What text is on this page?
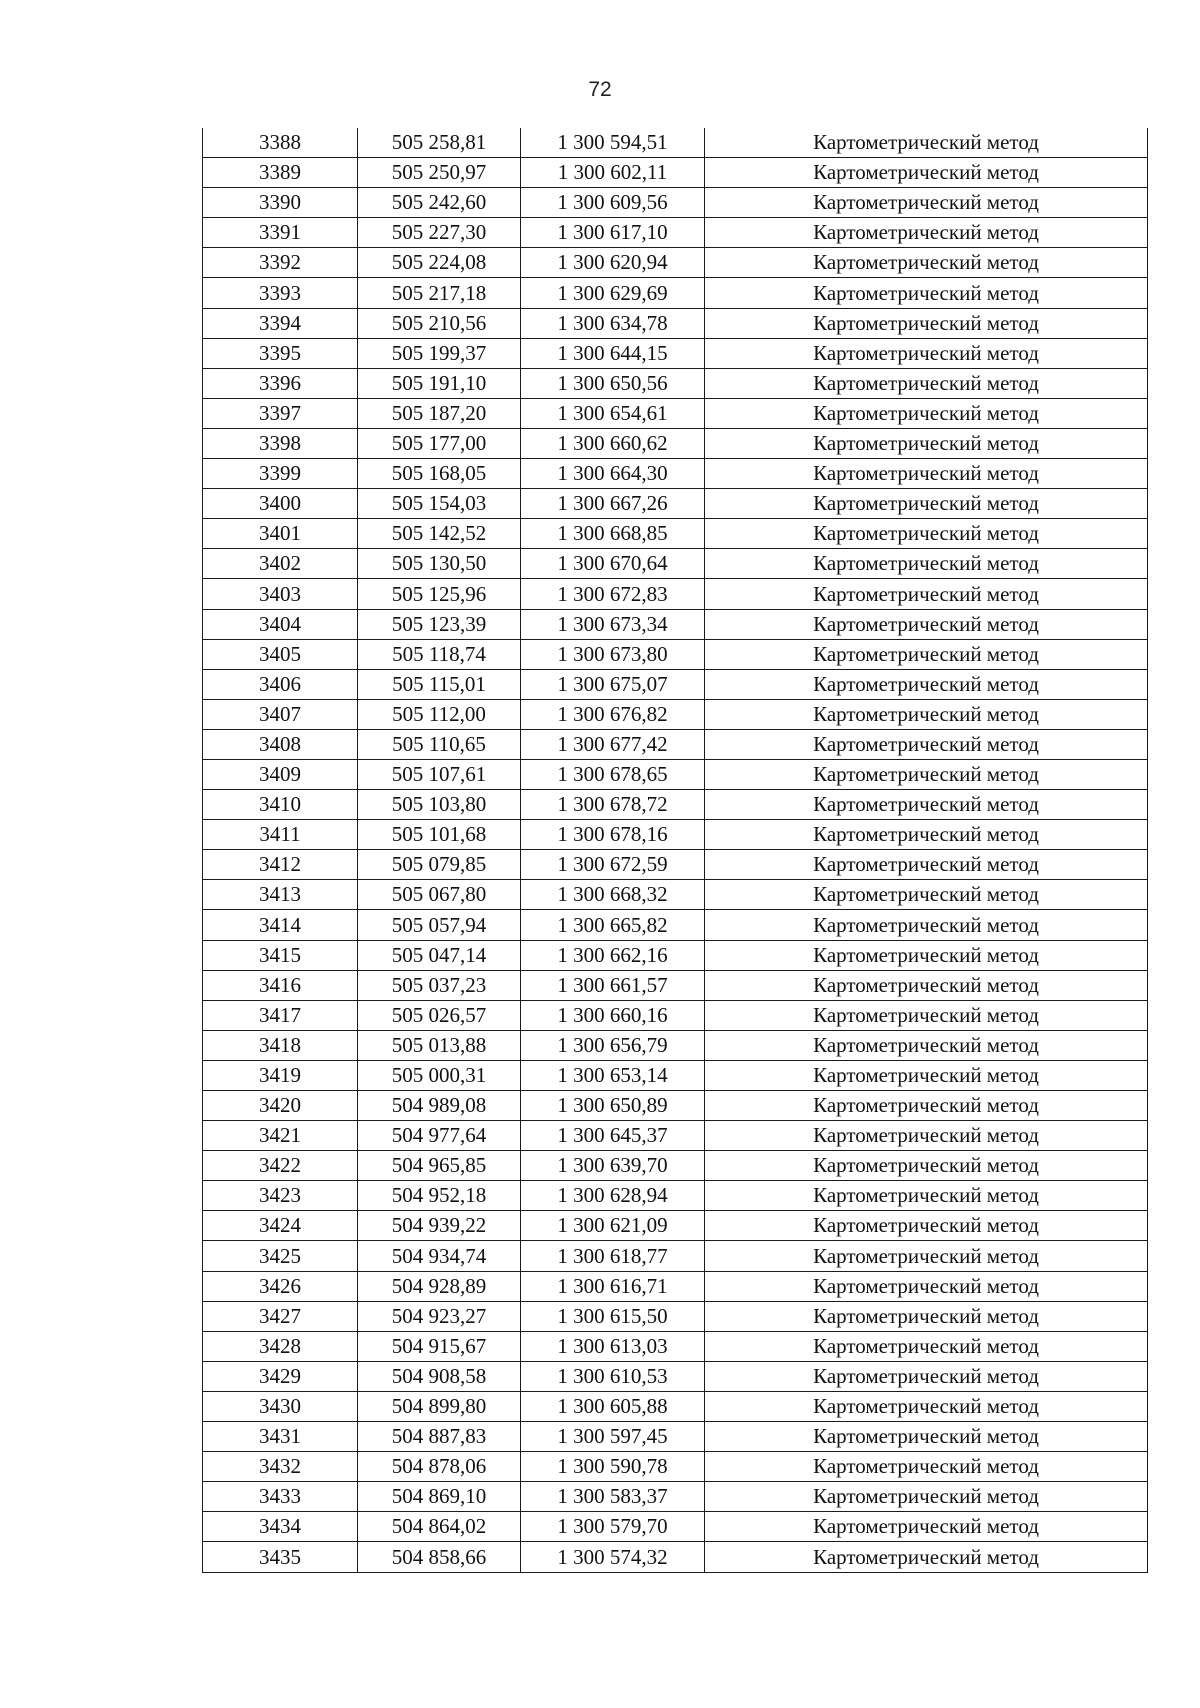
72
3388	505 258,81	1 300 594,51	Картометрический метод
3389	505 250,97	1 300 602,11	Картометрический метод
3390	505 242,60	1 300 609,56	Картометрический метод
3391	505 227,30	1 300 617,10	Картометрический метод
3392	505 224,08	1 300 620,94	Картометрический метод
3393	505 217,18	1 300 629,69	Картометрический метод
3394	505 210,56	1 300 634,78	Картометрический метод
3395	505 199,37	1 300 644,15	Картометрический метод
3396	505 191,10	1 300 650,56	Картометрический метод
3397	505 187,20	1 300 654,61	Картометрический метод
3398	505 177,00	1 300 660,62	Картометрический метод
3399	505 168,05	1 300 664,30	Картометрический метод
3400	505 154,03	1 300 667,26	Картометрический метод
3401	505 142,52	1 300 668,85	Картометрический метод
3402	505 130,50	1 300 670,64	Картометрический метод
3403	505 125,96	1 300 672,83	Картометрический метод
3404	505 123,39	1 300 673,34	Картометрический метод
3405	505 118,74	1 300 673,80	Картометрический метод
3406	505 115,01	1 300 675,07	Картометрический метод
3407	505 112,00	1 300 676,82	Картометрический метод
3408	505 110,65	1 300 677,42	Картометрический метод
3409	505 107,61	1 300 678,65	Картометрический метод
3410	505 103,80	1 300 678,72	Картометрический метод
3411	505 101,68	1 300 678,16	Картометрический метод
3412	505 079,85	1 300 672,59	Картометрический метод
3413	505 067,80	1 300 668,32	Картометрический метод
3414	505 057,94	1 300 665,82	Картометрический метод
3415	505 047,14	1 300 662,16	Картометрический метод
3416	505 037,23	1 300 661,57	Картометрический метод
3417	505 026,57	1 300 660,16	Картометрический метод
3418	505 013,88	1 300 656,79	Картометрический метод
3419	505 000,31	1 300 653,14	Картометрический метод
3420	504 989,08	1 300 650,89	Картометрический метод
3421	504 977,64	1 300 645,37	Картометрический метод
3422	504 965,85	1 300 639,70	Картометрический метод
3423	504 952,18	1 300 628,94	Картометрический метод
3424	504 939,22	1 300 621,09	Картометрический метод
3425	504 934,74	1 300 618,77	Картометрический метод
3426	504 928,89	1 300 616,71	Картометрический метод
3427	504 923,27	1 300 615,50	Картометрический метод
3428	504 915,67	1 300 613,03	Картометрический метод
3429	504 908,58	1 300 610,53	Картометрический метод
3430	504 899,80	1 300 605,88	Картометрический метод
3431	504 887,83	1 300 597,45	Картометрический метод
3432	504 878,06	1 300 590,78	Картометрический метод
3433	504 869,10	1 300 583,37	Картометрический метод
3434	504 864,02	1 300 579,70	Картометрический метод
3435	504 858,66	1 300 574,32	Картометрический метод
